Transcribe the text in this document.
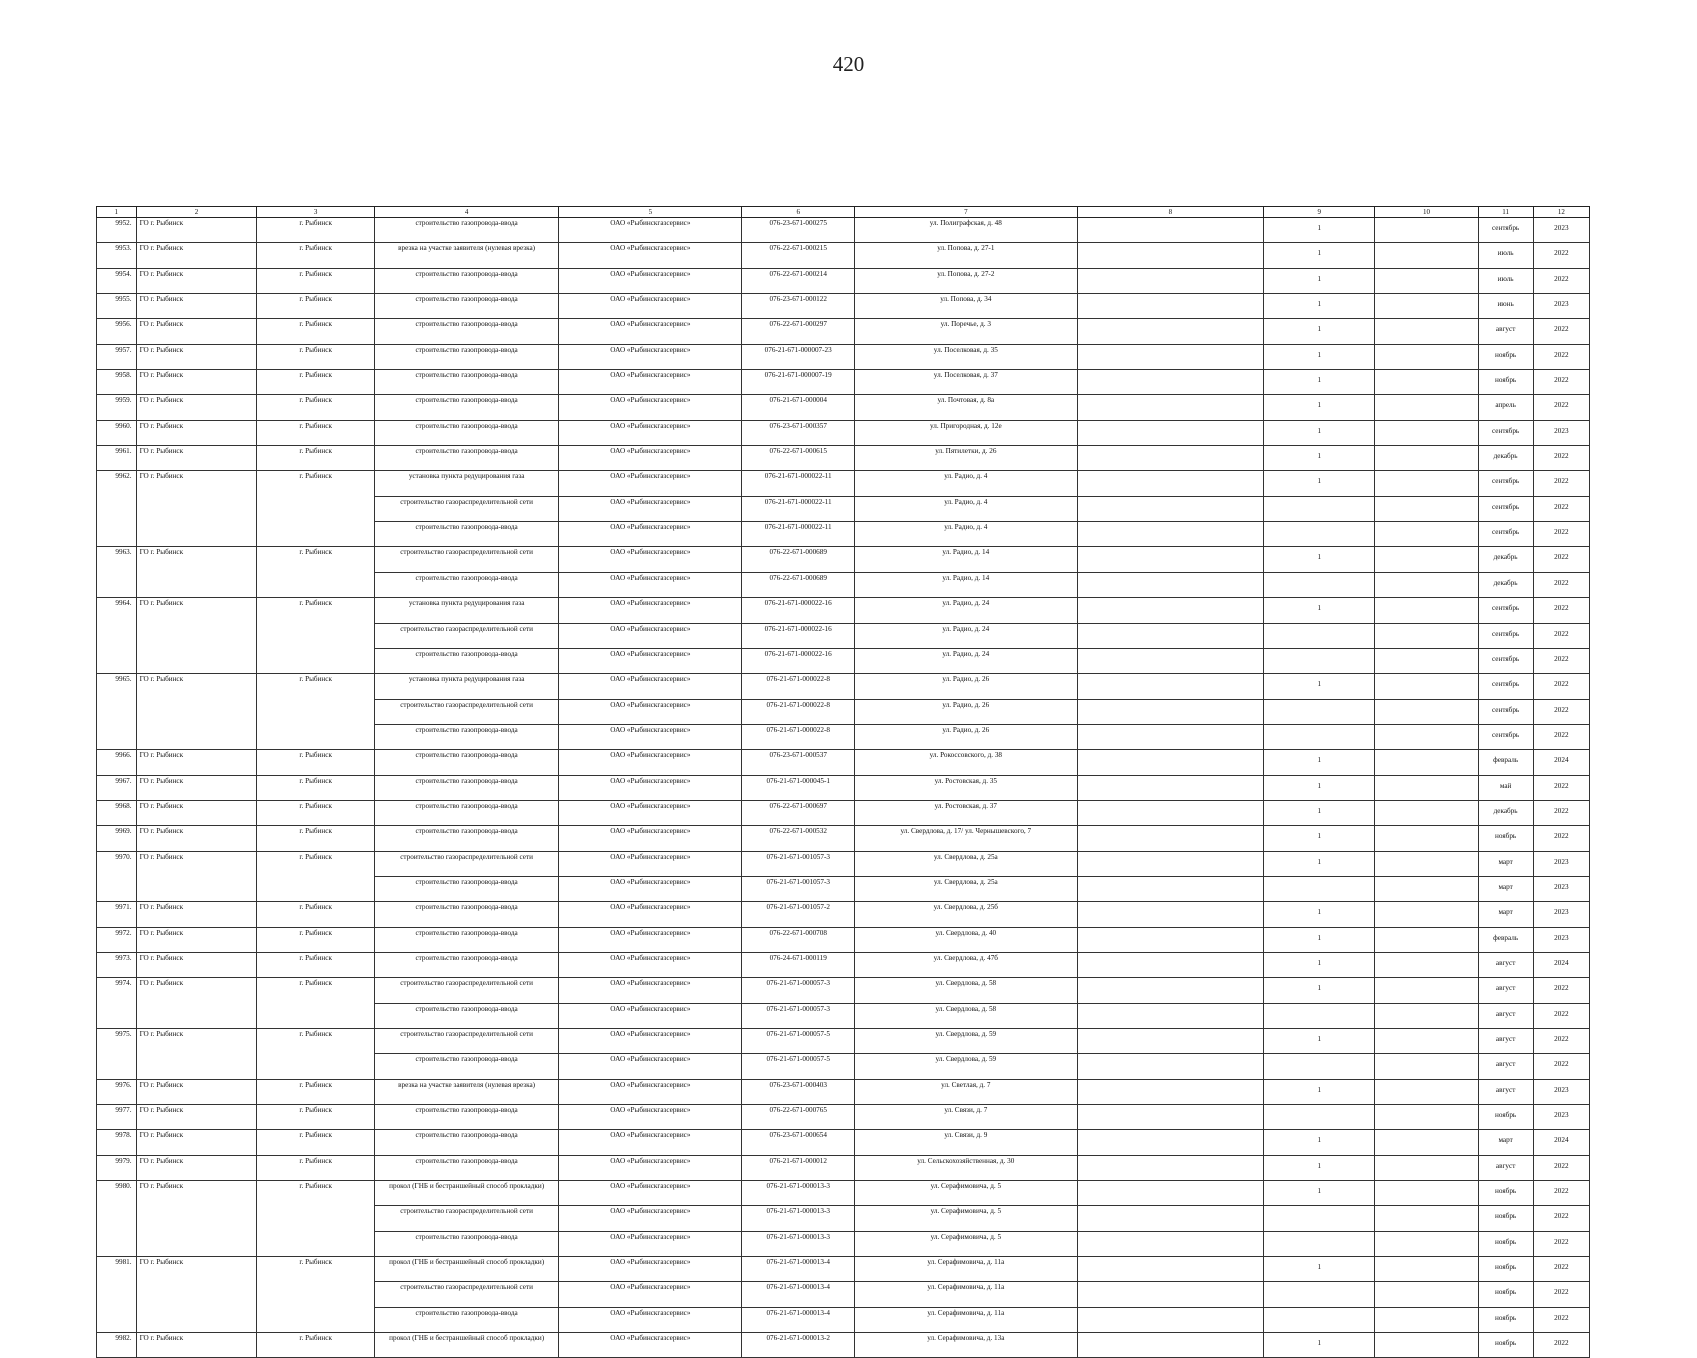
420
1	2	3	4	5	6	7	8	9	10	11	12
9952.	ГО г. Рыбинск	г. Рыбинск	строительство газопровода-ввода	ОАО «Рыбинскгазсервис»	076-23-671-000275	ул. Полиграфская, д. 48		1		сентябрь	2023
9953.	ГО г. Рыбинск	г. Рыбинск	врезка на участке заявителя (нулевая врезка)	ОАО «Рыбинскгазсервис»	076-22-671-000215	ул. Попова, д. 27-1		1		июль	2022
9954.	ГО г. Рыбинск	г. Рыбинск	строительство газопровода-ввода	ОАО «Рыбинскгазсервис»	076-22-671-000214	ул. Попова, д. 27-2		1		июль	2022
9955.	ГО г. Рыбинск	г. Рыбинск	строительство газопровода-ввода	ОАО «Рыбинскгазсервис»	076-23-671-000122	ул. Попова, д. 34		1		июнь	2023
9956.	ГО г. Рыбинск	г. Рыбинск	строительство газопровода-ввода	ОАО «Рыбинскгазсервис»	076-22-671-000297	ул. Поречье, д. 3		1		август	2022
9957.	ГО г. Рыбинск	г. Рыбинск	строительство газопровода-ввода	ОАО «Рыбинскгазсервис»	076-21-671-000007-23	ул. Поселковая, д. 35		1		ноябрь	2022
9958.	ГО г. Рыбинск	г. Рыбинск	строительство газопровода-ввода	ОАО «Рыбинскгазсервис»	076-21-671-000007-19	ул. Поселковая, д. 37		1		ноябрь	2022
9959.	ГО г. Рыбинск	г. Рыбинск	строительство газопровода-ввода	ОАО «Рыбинскгазсервис»	076-21-671-000004	ул. Почтовая, д. 8а		1		апрель	2022
9960.	ГО г. Рыбинск	г. Рыбинск	строительство газопровода-ввода	ОАО «Рыбинскгазсервис»	076-23-671-000357	ул. Пригородная, д. 12е		1		сентябрь	2023
9961.	ГО г. Рыбинск	г. Рыбинск	строительство газопровода-ввода	ОАО «Рыбинскгазсервис»	076-22-671-000615	ул. Пятилетки, д. 26		1		декабрь	2022
9962.	ГО г. Рыбинск	г. Рыбинск	установка пункта редуцирования газа	ОАО «Рыбинскгазсервис»	076-21-671-000022-11	ул. Радио, д. 4		1		сентябрь	2022
			строительство газораспределительной сети	ОАО «Рыбинскгазсервис»	076-21-671-000022-11	ул. Радио, д. 4				сентябрь	2022
			строительство газопровода-ввода	ОАО «Рыбинскгазсервис»	076-21-671-000022-11	ул. Радио, д. 4				сентябрь	2022
9963.	ГО г. Рыбинск	г. Рыбинск	строительство газораспределительной сети	ОАО «Рыбинскгазсервис»	076-22-671-000689	ул. Радио, д. 14		1		декабрь	2022
			строительство газопровода-ввода	ОАО «Рыбинскгазсервис»	076-22-671-000689	ул. Радио, д. 14				декабрь	2022
9964.	ГО г. Рыбинск	г. Рыбинск	установка пункта редуцирования газа	ОАО «Рыбинскгазсервис»	076-21-671-000022-16	ул. Радио, д. 24		1		сентябрь	2022
			строительство газораспределительной сети	ОАО «Рыбинскгазсервис»	076-21-671-000022-16	ул. Радио, д. 24				сентябрь	2022
			строительство газопровода-ввода	ОАО «Рыбинскгазсервис»	076-21-671-000022-16	ул. Радио, д. 24				сентябрь	2022
9965.	ГО г. Рыбинск	г. Рыбинск	установка пункта редуцирования газа	ОАО «Рыбинскгазсервис»	076-21-671-000022-8	ул. Радио, д. 26		1		сентябрь	2022
			строительство газораспределительной сети	ОАО «Рыбинскгазсервис»	076-21-671-000022-8	ул. Радио, д. 26				сентябрь	2022
			строительство газопровода-ввода	ОАО «Рыбинскгазсервис»	076-21-671-000022-8	ул. Радио, д. 26				сентябрь	2022
9966.	ГО г. Рыбинск	г. Рыбинск	строительство газопровода-ввода	ОАО «Рыбинскгазсервис»	076-23-671-000537	ул. Рокоссовского, д. 38		1		февраль	2024
9967.	ГО г. Рыбинск	г. Рыбинск	строительство газопровода-ввода	ОАО «Рыбинскгазсервис»	076-21-671-000045-1	ул. Ростовская, д. 35		1		май	2022
9968.	ГО г. Рыбинск	г. Рыбинск	строительство газопровода-ввода	ОАО «Рыбинскгазсервис»	076-22-671-000697	ул. Ростовская, д. 37		1		декабрь	2022
9969.	ГО г. Рыбинск	г. Рыбинск	строительство газопровода-ввода	ОАО «Рыбинскгазсервис»	076-22-671-000532	ул. Свердлова, д. 17/ ул. Чернышевского, 7		1		ноябрь	2022
9970.	ГО г. Рыбинск	г. Рыбинск	строительство газораспределительной сети	ОАО «Рыбинскгазсервис»	076-21-671-001057-3	ул. Свердлова, д. 25а		1		март	2023
			строительство газопровода-ввода	ОАО «Рыбинскгазсервис»	076-21-671-001057-3	ул. Свердлова, д. 25а				март	2023
9971.	ГО г. Рыбинск	г. Рыбинск	строительство газопровода-ввода	ОАО «Рыбинскгазсервис»	076-21-671-001057-2	ул. Свердлова, д. 25б		1		март	2023
9972.	ГО г. Рыбинск	г. Рыбинск	строительство газопровода-ввода	ОАО «Рыбинскгазсервис»	076-22-671-000708	ул. Свердлова, д. 40		1		февраль	2023
9973.	ГО г. Рыбинск	г. Рыбинск	строительство газопровода-ввода	ОАО «Рыбинскгазсервис»	076-24-671-000119	ул. Свердлова, д. 47б		1		август	2024
9974.	ГО г. Рыбинск	г. Рыбинск	строительство газораспределительной сети	ОАО «Рыбинскгазсервис»	076-21-671-000057-3	ул. Свердлова, д. 58		1		август	2022
			строительство газопровода-ввода	ОАО «Рыбинскгазсервис»	076-21-671-000057-3	ул. Свердлова, д. 58				август	2022
9975.	ГО г. Рыбинск	г. Рыбинск	строительство газораспределительной сети	ОАО «Рыбинскгазсервис»	076-21-671-000057-5	ул. Свердлова, д. 59		1		август	2022
			строительство газопровода-ввода	ОАО «Рыбинскгазсервис»	076-21-671-000057-5	ул. Свердлова, д. 59				август	2022
9976.	ГО г. Рыбинск	г. Рыбинск	врезка на участке заявителя (нулевая врезка)	ОАО «Рыбинскгазсервис»	076-23-671-000403	ул. Светлая, д. 7		1		август	2023
9977.	ГО г. Рыбинск	г. Рыбинск	строительство газопровода-ввода	ОАО «Рыбинскгазсервис»	076-22-671-000765	ул. Связи, д. 7				ноябрь	2023
9978.	ГО г. Рыбинск	г. Рыбинск	строительство газопровода-ввода	ОАО «Рыбинскгазсервис»	076-23-671-000654	ул. Связи, д. 9		1		март	2024
9979.	ГО г. Рыбинск	г. Рыбинск	строительство газопровода-ввода	ОАО «Рыбинскгазсервис»	076-21-671-000012	ул. Сельскохозяйственная, д. 30		1		август	2022
9980.	ГО г. Рыбинск	г. Рыбинск	прокол (ГНБ и бестраншейный способ прокладки)	ОАО «Рыбинскгазсервис»	076-21-671-000013-3	ул. Серафимовича, д. 5		1		ноябрь	2022
			строительство газораспределительной сети	ОАО «Рыбинскгазсервис»	076-21-671-000013-3	ул. Серафимовича, д. 5				ноябрь	2022
			строительство газопровода-ввода	ОАО «Рыбинскгазсервис»	076-21-671-000013-3	ул. Серафимовича, д. 5				ноябрь	2022
9981.	ГО г. Рыбинск	г. Рыбинск	прокол (ГНБ и бестраншейный способ прокладки)	ОАО «Рыбинскгазсервис»	076-21-671-000013-4	ул. Серафимовича, д. 11а		1		ноябрь	2022
			строительство газораспределительной сети	ОАО «Рыбинскгазсервис»	076-21-671-000013-4	ул. Серафимовича, д. 11а				ноябрь	2022
			строительство газопровода-ввода	ОАО «Рыбинскгазсервис»	076-21-671-000013-4	ул. Серафимовича, д. 11а				ноябрь	2022
9982.	ГО г. Рыбинск	г. Рыбинск	прокол (ГНБ и бестраншейный способ прокладки)	ОАО «Рыбинскгазсервис»	076-21-671-000013-2	ул. Серафимовича, д. 13а		1		ноябрь	2022
